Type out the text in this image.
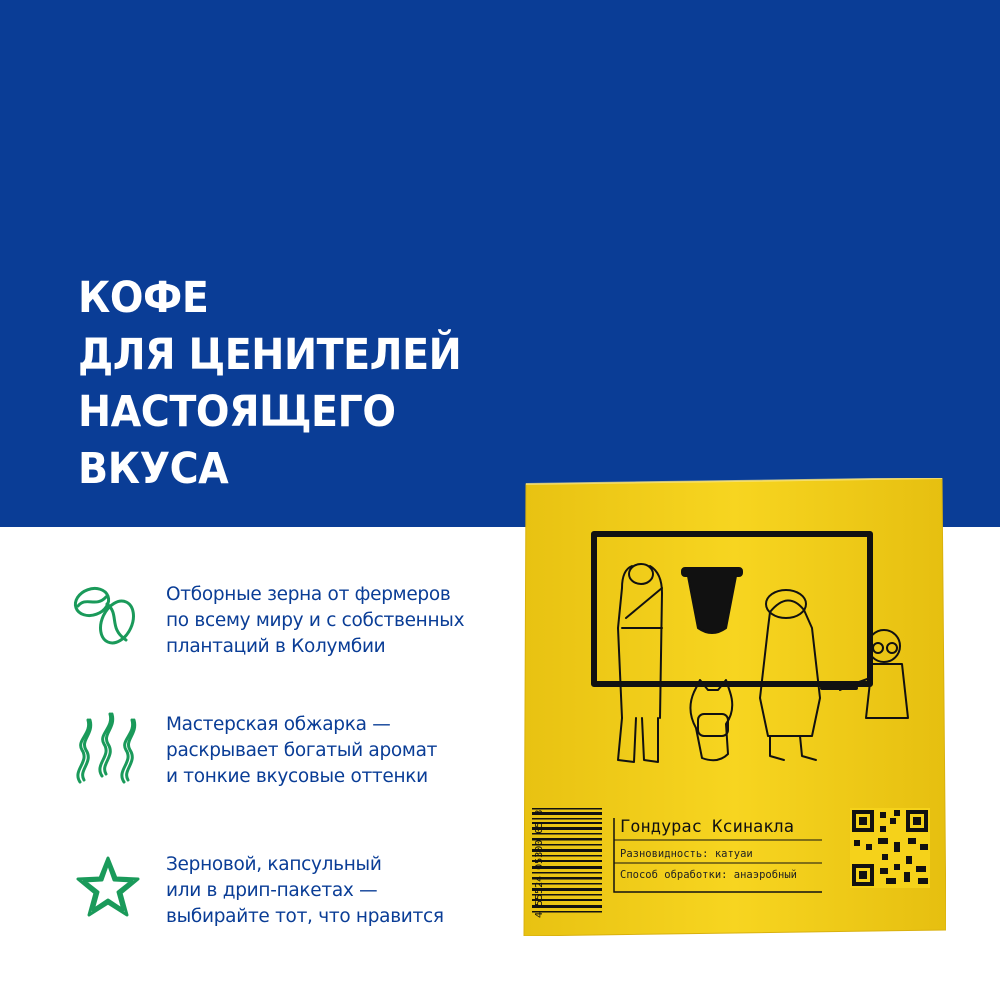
КОФЕ
ДЛЯ ЦЕНИТЕЛЕЙ
НАСТОЯЩЕГО
ВКУСА
Отборные зерна от фермеров
по всему миру и с собственных
плантаций в Колумбии
Мастерская обжарка —
раскрывает богатый аромат
и тонкие вкусовые оттенки
Зерновой, капсульный
или в дрип-пакетах —
выбирайте тот, что нравится	4 55524 05300 05 3	Гондурас Ксинакла
Разновидность: катуаи
Способ обработки: анаэробный
